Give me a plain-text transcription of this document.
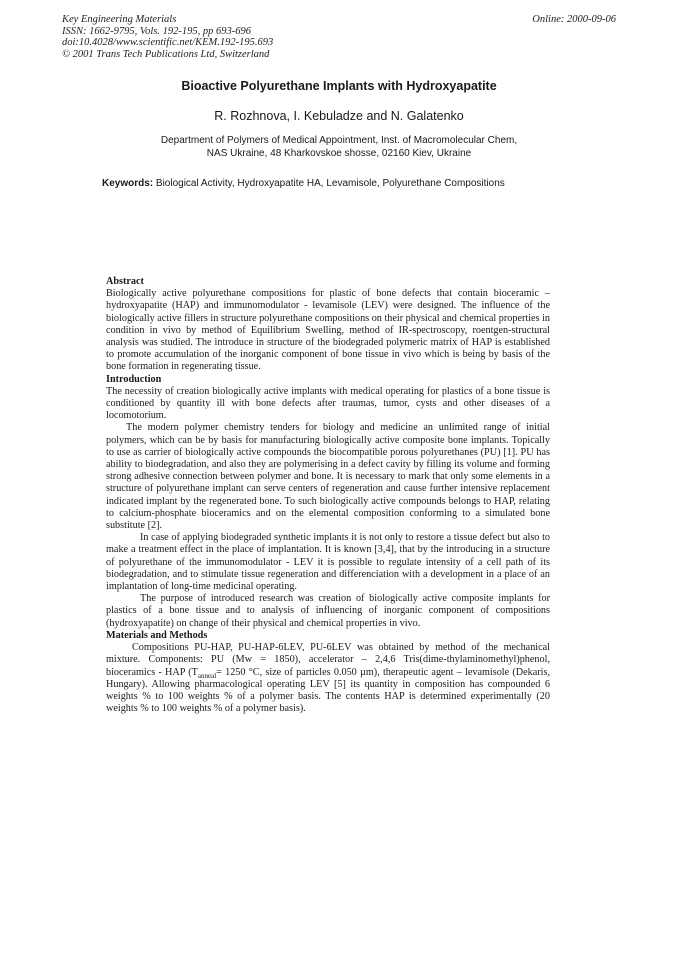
Key Engineering Materials
ISSN: 1662-9795, Vols. 192-195, pp 693-696
doi:10.4028/www.scientific.net/KEM.192-195.693
© 2001 Trans Tech Publications Ltd, Switzerland
Online: 2000-09-06
Bioactive Polyurethane Implants with Hydroxyapatite
R. Rozhnova, I. Kebuladze and N. Galatenko
Department of Polymers of Medical Appointment, Inst. of Macromolecular Chem,
NAS Ukraine, 48 Kharkovskoe shosse, 02160 Kiev, Ukraine
Keywords: Biological Activity, Hydroxyapatite HA, Levamisole, Polyurethane Compositions
Abstract

Biologically active polyurethane compositions for plastic of bone defects that contain bioceramic – hydroxyapatite (HAP) and immunomodulator - levamisole (LEV) were designed. The influence of the biologically active fillers in structure polyurethane compositions on their physical and chemical properties in condition in vivo by method of Equilibrium Swelling, method of IR-spectroscopy, roentgen-structural analysis was studied. The introduce in structure of the biodegraded polymeric matrix of HAP is established to promote accumulation of the inorganic component of bone tissue in vivo which is being by basis of the bone formation in regenerating tissue.

Introduction

The necessity of creation biologically active implants with medical operating for plastics of a bone tissue is conditioned by quantity ill with bone defects after traumas, tumor, cysts and other diseases of a locomotorium.

The modern polymer chemistry tenders for biology and medicine an unlimited range of initial polymers, which can be by basis for manufacturing biologically active composite bone implants. Topically to use as carrier of biologically active compounds the biocompatible porous polyurethanes (PU) [1]. PU has ability to biodegradation, and also they are polymerising in a defect cavity by filling its volume and forming strong adhesive connection between polymer and bone. It is necessary to mark that only some elements in a structure of polyurethane implant can serve centers of regeneration and cause further intensive replacement indicated implant by the regenerated bone. To such biologically active compounds belongs to HAP, relating to calcium-phosphate bioceramics and on the elemental composition conforming to a simulated bone substitute [2].

In case of applying biodegraded synthetic implants it is not only to restore a tissue defect but also to make a treatment effect in the place of implantation. It is known [3,4], that by the introducing in a structure of polyurethane of the immunomodulator - LEV it is possible to regulate intensity of a cell path of its biodegradation, and to stimulate tissue regeneration and differenciation with a development in a place of an implantation of long-time medicinal operating.

The purpose of introduced research was creation of biologically active composite implants for plastics of a bone tissue and to analysis of influencing of inorganic component of compositions (hydroxyapatite) on change of their physical and chemical properties in vivo.

Materials and Methods

Compositions PU-HAP, PU-HAP-6LEV, PU-6LEV was obtained by method of the mechanical mixture. Components: PU (Mw = 1850), accelerator – 2,4,6 Tris(dime-thylaminomethyl)phenol, bioceramics - HAP ($T_{anneal}= 1250$ °C, size of particles 0.050 µm), therapeutic agent – levamisole (Dekaris, Hungary). Allowing pharmacological operating LEV [5] its quantity in composition has compounded 6 weights % to 100 weights % of a polymer basis. The contents HAP is determined experimentally (20 weights % to 100 weights % of a polymer basis).
